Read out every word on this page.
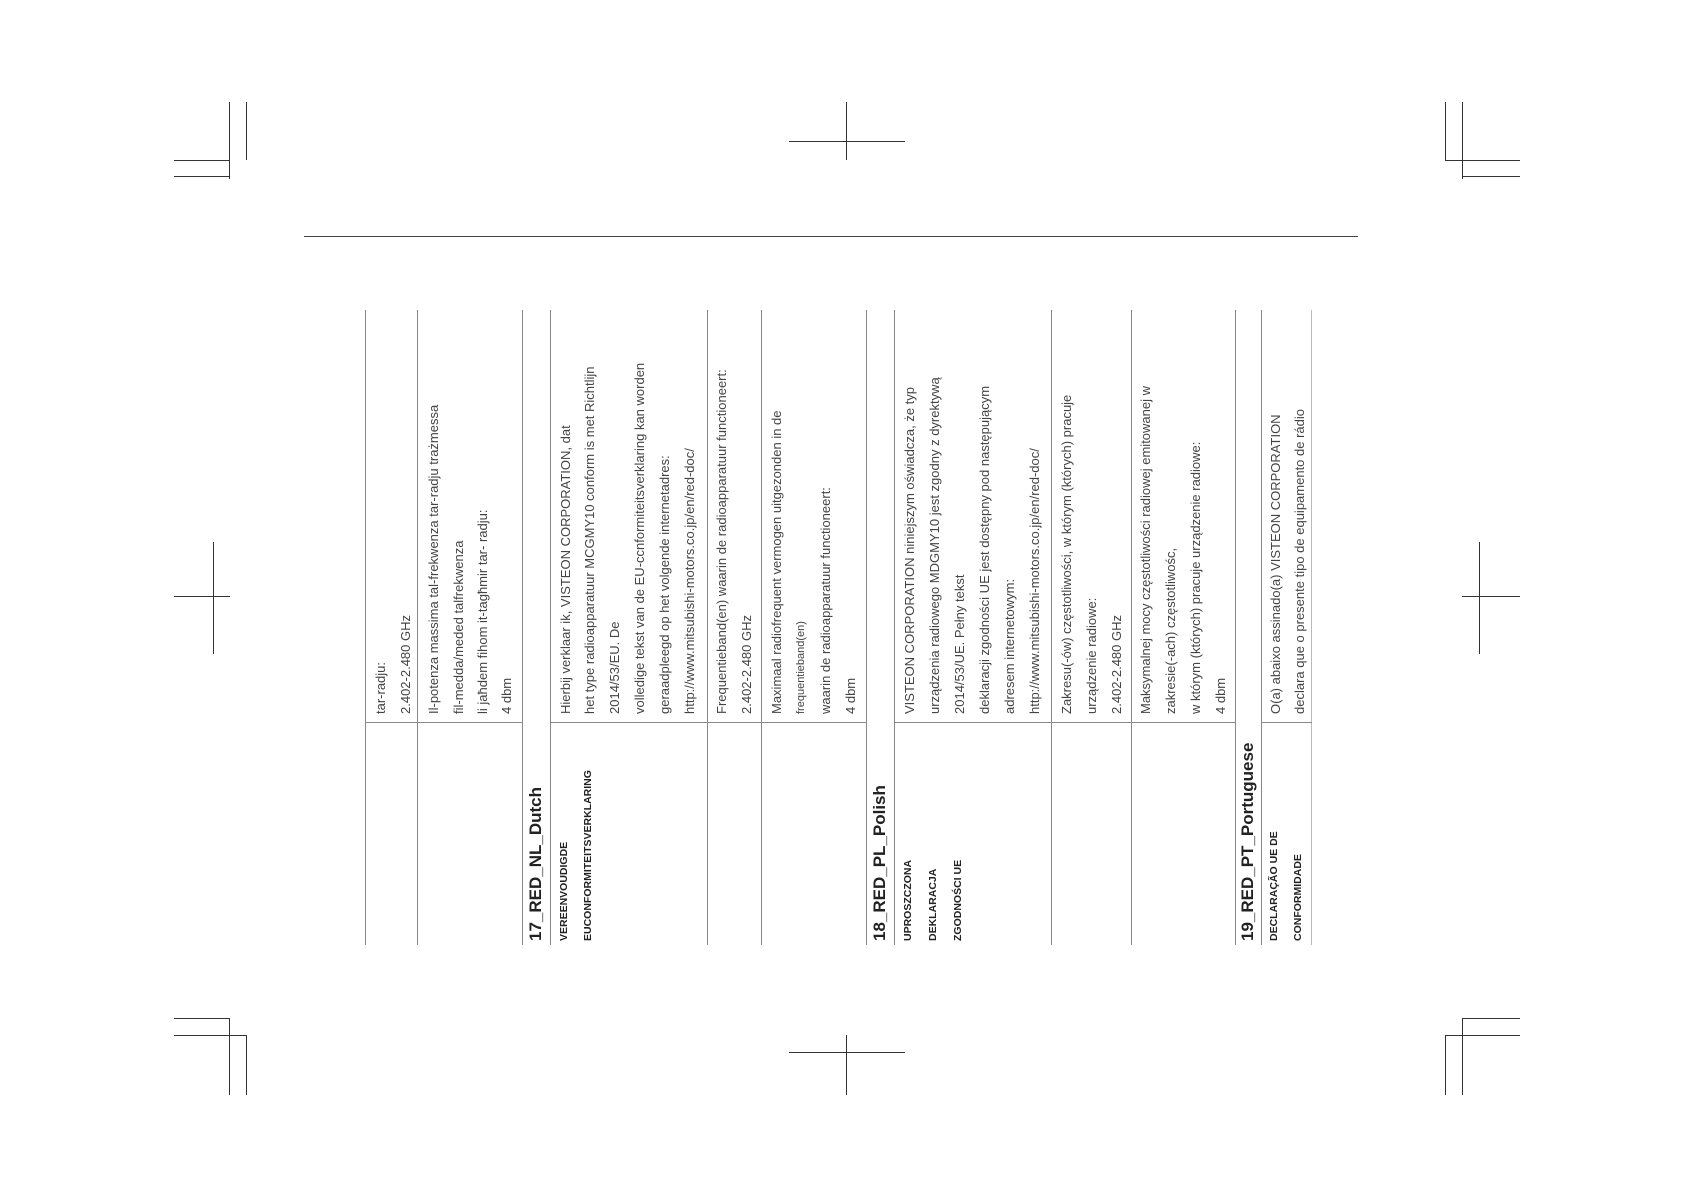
tar-radju: 2.402-2.480 GHz Il-potenza massima tal-frekwenza tar-radju trażmessa fil-medda/meded talfrekwenza li jaħdem fihom it-tagħmir tar- radju: 4 dbm
17_RED_NL_Dutch VEREENVOUDIGDE EUCONFORMITEITSVERKLARING
Hierbij verklaar ik, VISTEON CORPORATION, dat het type radioapparatuur MCGMY10 conform is met Richtlijn 2014/53/EU. De volledige tekst van de EU-ccnformiteitsverklaring kan worden geraadpleegd op het volgende internetadres: http://www.mitsubishi-motors.co.jp/en/red-doc/ Frequentieband(en) waarin de radioapparatuur functioneert: 2.402-2.480 GHz Maximaal radiofrequent vermogen uitgezonden in de frequentieband(en) waarin de radioapparatuur functioneert: 4 dbm
18_RED_PL_Polish UPROSZCZONA DEKLARACJA ZGODNOŚCI UE
VISTEON CORPORATION niniejszym oświadcza, że typ urządzenia radiowego MDGMY10 jest zgodny z dyrektywą 2014/53/UE. Pełny tekst deklaracji zgodności UE jest dostępny pod następującym adresem internetowym: http://www.mitsubishi-motors.co.jp/en/red-doc/ Zakresu(-ów) częstotliwości, w którym (których) pracuje urządzenie radiowe: 2.402-2.480 GHz Maksymalnej mocy częstotliwości radiowej emitowanej w zakresie(-ach) częstotliwośc, w którym (których) pracuje urządzenie radiowe: 4 dbm
19_RED_PT_Portuguese DECLARAÇÃO UE DE CONFORMIDADE
O(a) abaixo assinado(a) VISTEON CORPORATION declara que o presente tipo de equipamento de rádio
